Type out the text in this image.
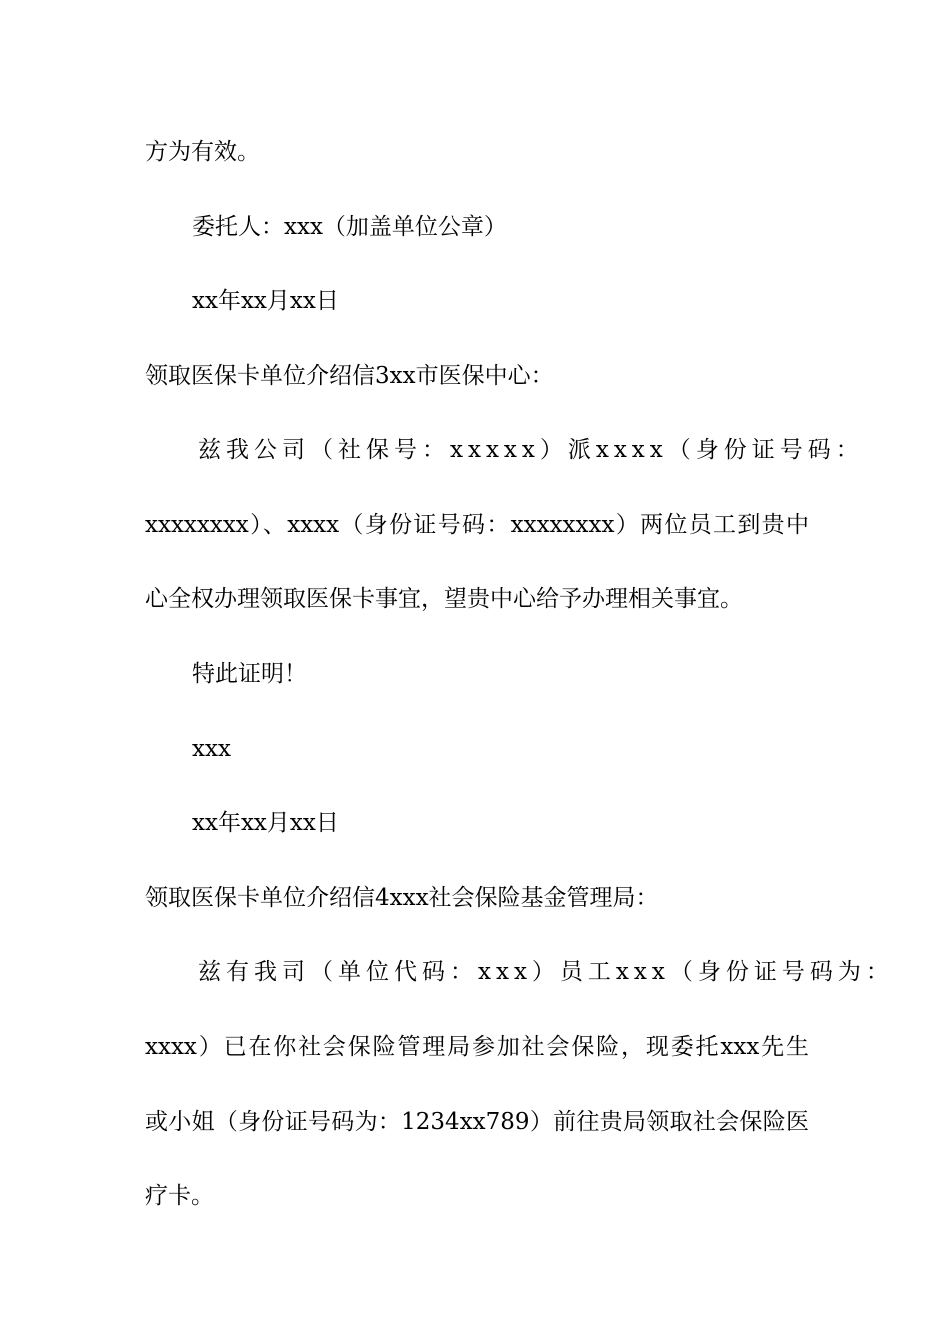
方为有效。
委托人：xxx（加盖单位公章）
xx年xx月xx日
领取医保卡单位介绍信3xx市医保中心：
兹我公司（社保号：xxxxx）派xxxx（身份证号码：
xxxxxxxx）、xxxx（身份证号码：xxxxxxxx）两位员工到贵中
心全权办理领取医保卡事宜，望贵中心给予办理相关事宜。
特此证明！
xxx
xx年xx月xx日
领取医保卡单位介绍信4xxx社会保险基金管理局：
兹有我司（单位代码：xxx）员工xxx（身份证号码为：
xxxx）已在你社会保险管理局参加社会保险，现委托xxx先生
或小姐（身份证号码为：1234xx789）前往贵局领取社会保险医
疗卡。
